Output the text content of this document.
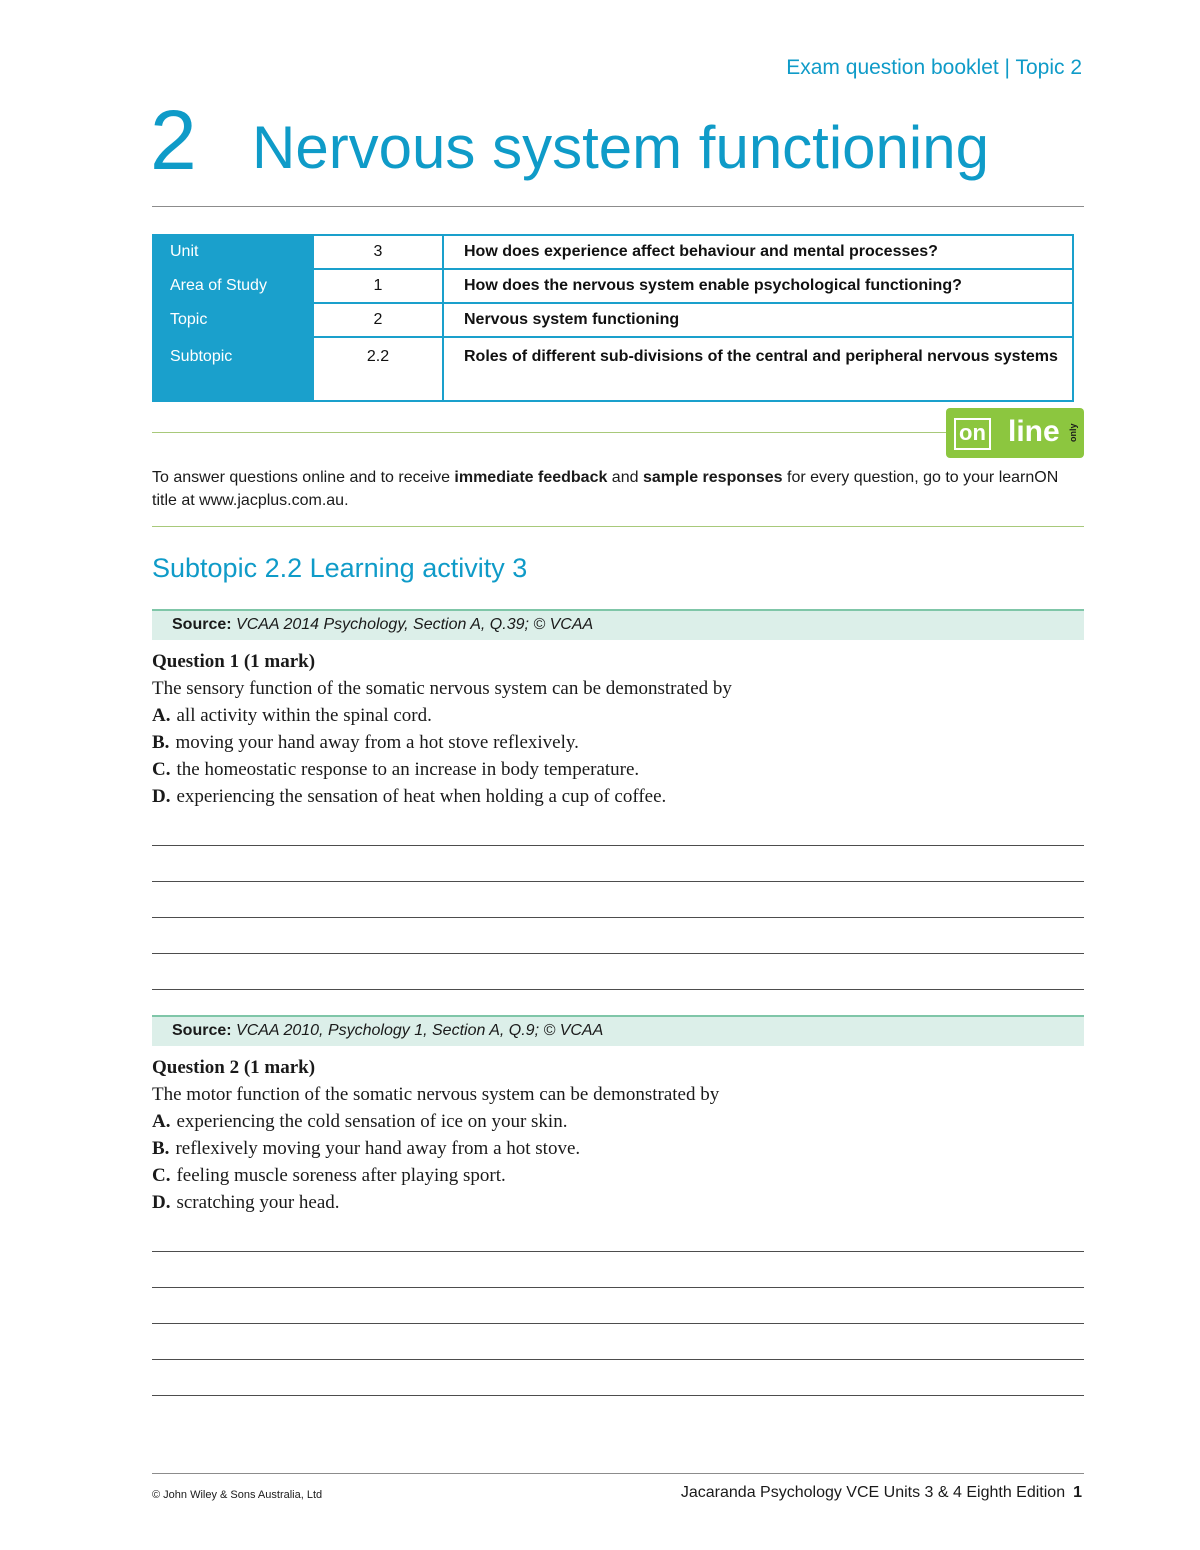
Exam question booklet | Topic 2
2 Nervous system functioning
Unit	3	How does experience affect behaviour and mental processes?
Area of Study	1	How does the nervous system enable psychological functioning?
Topic	2	Nervous system functioning
Subtopic	2.2	Roles of different sub-divisions of the central and peripheral nervous systems
on line only
To answer questions online and to receive immediate feedback and sample responses for every question, go to your learnON title at www.jacplus.com.au.
Subtopic 2.2 Learning activity 3
Source: VCAA 2014 Psychology, Section A, Q.39; © VCAA
Question 1 (1 mark)
The sensory function of the somatic nervous system can be demonstrated by
A. all activity within the spinal cord.
B. moving your hand away from a hot stove reflexively.
C. the homeostatic response to an increase in body temperature.
D. experiencing the sensation of heat when holding a cup of coffee.
Source: VCAA 2010, Psychology 1, Section A, Q.9; © VCAA
Question 2 (1 mark)
The motor function of the somatic nervous system can be demonstrated by
A. experiencing the cold sensation of ice on your skin.
B. reflexively moving your hand away from a hot stove.
C. feeling muscle soreness after playing sport.
D. scratching your head.
© John Wiley & Sons Australia, Ltd	Jacaranda Psychology VCE Units 3 & 4 Eighth Edition 1
